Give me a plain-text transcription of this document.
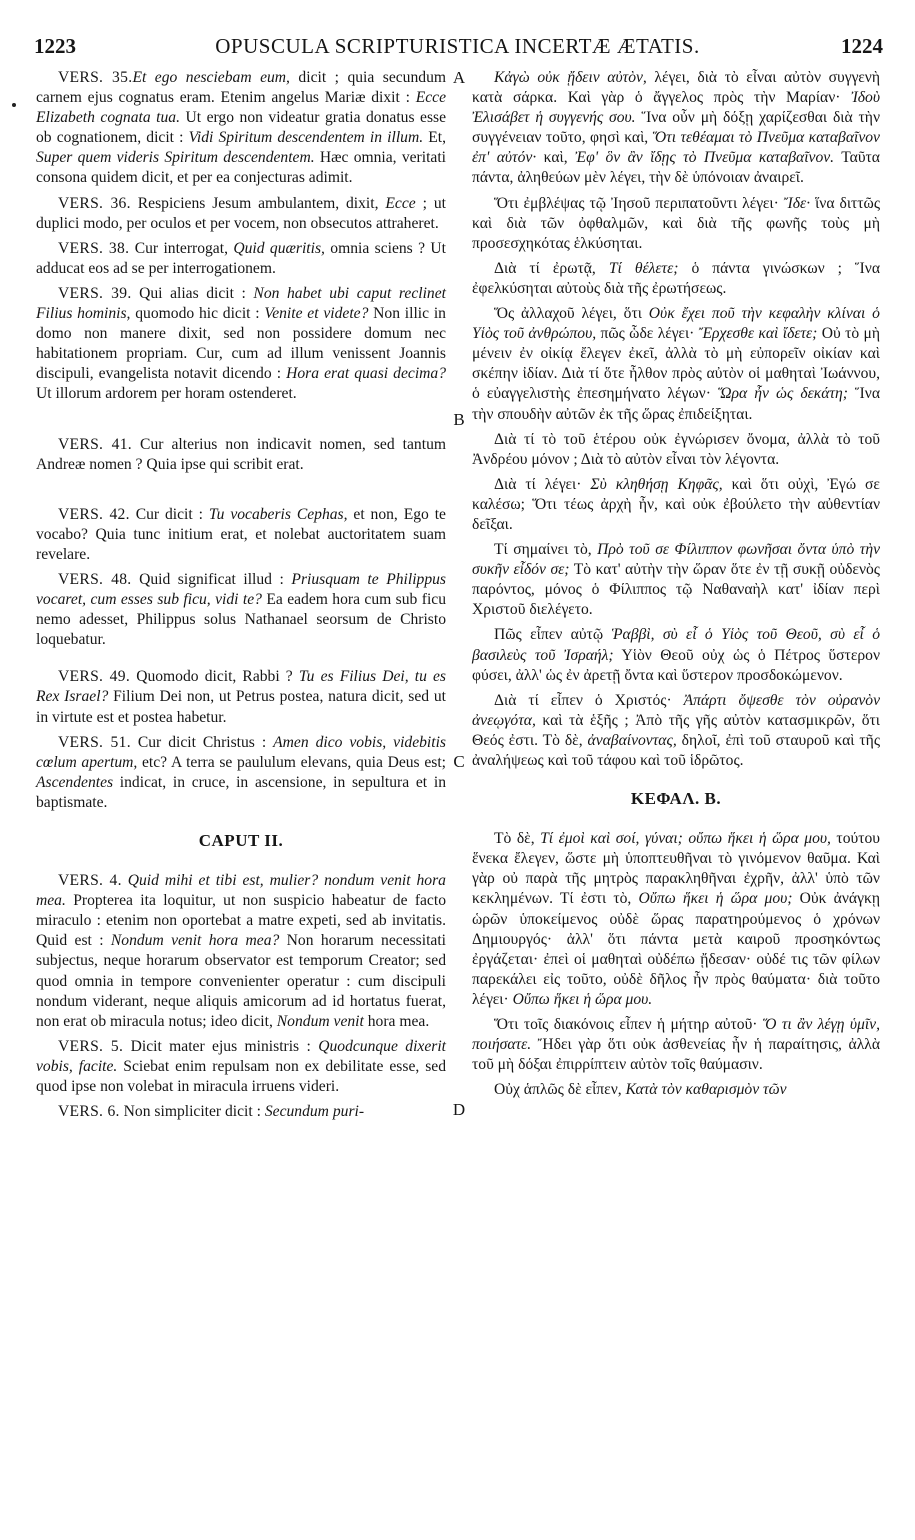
1223	OPUSCULA SCRIPTURISTICA INCERTÆ ÆTATIS.	1224

VERS. 35.Et ego nesciebam eum, dicit ; quia secundum carnem ejus cognatus eram. Etenim angelus Mariæ dixit : Ecce Elizabeth cognata tua. Ut ergo non videatur gratia donatus esse ob cognationem, dicit : Vidi Spiritum descendentem in illum. Et, Super quem videris Spiritum descendentem. Hæc omnia, veritati consona quidem dicit, et per ea conjecturas adimit.

VERS. 36. Respiciens Jesum ambulantem, dixit, Ecce ; ut duplici modo, per oculos et per vocem, non obsecutos attraheret.

VERS. 38. Cur interrogat, Quid quæritis, omnia sciens ? Ut adducat eos ad se per interrogationem.

VERS. 39. Qui alias dicit : Non habet ubi caput reclinet Filius hominis, quomodo hic dicit : Venite et videte? Non illic in domo non manere dixit, sed non possidere domum nec habitationem propriam. Cur, cum ad illum venissent Joannis discipuli, evangelista notavit dicendo : Hora erat quasi decima? Ut illorum ardorem per horam ostenderet.

VERS. 41. Cur alterius non indicavit nomen, sed tantum Andreæ nomen ? Quia ipse qui scribit erat.

VERS. 42. Cur dicit : Tu vocaberis Cephas, et non, Ego te vocabo? Quia tunc initium erat, et nolebat auctoritatem suam revelare.

VERS. 48. Quid significat illud : Priusquam te Philippus vocaret, cum esses sub ficu, vidi te? Ea eadem hora cum sub ficu nemo adesset, Philippus solus Nathanael seorsum de Christo loquebatur.

VERS. 49. Quomodo dicit, Rabbi ? Tu es Filius Dei, tu es Rex Israel? Filium Dei non, ut Petrus postea, natura dicit, sed ut in virtute est et postea habetur.

VERS. 51. Cur dicit Christus : Amen dico vobis, videbitis cœlum apertum, etc? A terra se paululum elevans, quia Deus est; Ascendentes indicat, in cruce, in ascensione, in sepultura et in baptismate.

CAPUT II.

VERS. 4. Quid mihi et tibi est, mulier? nondum venit hora mea. Propterea ita loquitur, ut non suspicio habeatur de facto miraculo : etenim non oportebat a matre expeti, sed ab invitatis. Quid est : Nondum venit hora mea? Non horarum necessitati subjectus, neque horarum observator est temporum Creator; sed quod omnia in tempore convenienter operatur : cum discipuli nondum viderant, neque aliquis amicorum ad id hortatus fuerat, non erat ob miracula notus; ideo dicit, Nondum venit hora mea.

VERS. 5. Dicit mater ejus ministris : Quodcunque dixerit vobis, facite. Sciebat enim repulsam non ex debilitate esse, sed quod ipse non volebat in miracula irruens videri.

VERS. 6. Non simpliciter dicit : Secundum puri-

Κἀγὼ οὐκ ᾔδειν αὐτὸν, λέγει, διὰ τὸ εἶναι αὐτὸν συγγενὴ κατὰ σάρκα. Καὶ γὰρ ὁ ἄγγελος πρὸς τὴν Μαρίαν· Ἰδοὺ Ἐλισάβετ ἡ συγγενής σου. Ἵνα οὖν μὴ δόξῃ χαρίζεσθαι διὰ τὴν συγγένειαν τοῦτο, φησὶ καὶ, Ὅτι τεθέαμαι τὸ Πνεῦμα καταβαῖνον ἐπ' αὐτόν· καὶ, Ἐφ' ὃν ἂν ἴδῃς τὸ Πνεῦμα καταβαῖνον. Ταῦτα πάντα, ἀληθεύων μὲν λέγει, τὴν δὲ ὑπόνοιαν ἀναιρεῖ.

Ὅτι ἐμβλέψας τῷ Ἰησοῦ περιπατοῦντι λέγει· Ἴδε· ἵνα διττῶς καὶ διὰ τῶν ὀφθαλμῶν, καὶ διὰ τῆς φωνῆς τοὺς μὴ προσεσχηκότας ἑλκύσηται.

Διὰ τί ἐρωτᾷ, Τί θέλετε; ὁ πάντα γινώσκων ; Ἵνα ἐφελκύσηται αὐτοὺς διὰ τῆς ἐρωτήσεως.

Ὅς ἀλλαχοῦ λέγει, ὅτι Οὐκ ἔχει ποῦ τὴν κεφαλὴν κλίναι ὁ Υἱὸς τοῦ ἀνθρώπου, πῶς ὧδε λέγει· Ἔρχεσθε καὶ ἴδετε; Οὐ τὸ μὴ μένειν ἐν οἰκίᾳ ἔλεγεν ἐκεῖ, ἀλλὰ τὸ μὴ εὐπορεῖν οἰκίαν καὶ σκέπην ἰδίαν. Διὰ τί ὅτε ἦλθον πρὸς αὐτὸν οἱ μαθηταὶ Ἰωάννου, ὁ εὐαγγελιστὴς ἐπεσημήνατο λέγων· Ὥρα ἦν ὡς δεκάτη; Ἵνα τὴν σπουδὴν αὐτῶν ἐκ τῆς ὥρας ἐπιδείξηται.

Διὰ τί τὸ τοῦ ἑτέρου οὐκ ἐγνώρισεν ὄνομα, ἀλλὰ τὸ τοῦ Ἀνδρέου μόνον ; Διὰ τὸ αὐτὸν εἶναι τὸν λέγοντα.

Διὰ τί λέγει· Σὺ κληθήσῃ Κηφᾶς, καὶ ὅτι οὐχὶ, Ἐγώ σε καλέσω; Ὅτι τέως ἀρχὴ ἦν, καὶ οὐκ ἐβούλετο τὴν αὐθεντίαν δεῖξαι.

Τί σημαίνει τὸ, Πρὸ τοῦ σε Φίλιππον φωνῆσαι ὄντα ὑπὸ τὴν συκῆν εἶδόν σε; Τὸ κατ' αὐτὴν τὴν ὥραν ὅτε ἐν τῇ συκῇ οὐδενὸς παρόντος, μόνος ὁ Φίλιππος τῷ Ναθαναὴλ κατ' ἰδίαν περὶ Χριστοῦ διελέγετο.

Πῶς εἶπεν αὐτῷ Ῥαββὶ, σὺ εἶ ὁ Υἱὸς τοῦ Θεοῦ, σὺ εἶ ὁ βασιλεὺς τοῦ Ἰσραήλ; Υἱὸν Θεοῦ οὐχ ὡς ὁ Πέτρος ὕστερον φύσει, ἀλλ' ὡς ἐν ἀρετῇ ὄντα καὶ ὕστερον προσδοκώμενον.

Διὰ τί εἶπεν ὁ Χριστός· Ἀπάρτι ὄψεσθε τὸν οὐρανὸν ἀνεῳγότα, καὶ τὰ ἑξῆς ; Ἀπὸ τῆς γῆς αὐτὸν κατασμικρῶν, ὅτι Θεός ἐστι. Τὸ δὲ, ἀναβαίνοντας, δηλοῖ, ἐπὶ τοῦ σταυροῦ καὶ τῆς ἀναλήψεως καὶ τοῦ τάφου καὶ τοῦ ἱδρῶτος.

ΚΕΦΑΛ. Β.

Τὸ δὲ, Τί ἐμοὶ καὶ σοί, γύναι; οὔπω ἥκει ἡ ὥρα μου, τούτου ἕνεκα ἔλεγεν, ὥστε μὴ ὑποπτευθῆναι τὸ γινόμενον θαῦμα. Καὶ γὰρ οὐ παρὰ τῆς μητρὸς παρακληθῆναι ἐχρῆν, ἀλλ' ὑπὸ τῶν κεκλημένων. Τί ἐστι τὸ, Οὔπω ἥκει ἡ ὥρα μου; Οὐκ ἀνάγκῃ ὡρῶν ὑποκείμενος οὐδὲ ὥρας παρατηρούμενος ὁ χρόνων Δημιουργός· ἀλλ' ὅτι πάντα μετὰ καιροῦ προσηκόντως ἐργάζεται· ἐπεὶ οἱ μαθηταὶ οὐδέπω ᾔδεσαν· οὐδέ τις τῶν φίλων παρεκάλει εἰς τοῦτο, οὐδὲ δῆλος ἦν πρὸς θαύματα· διὰ τοῦτο λέγει· Οὔπω ἥκει ἡ ὥρα μου.

Ὅτι τοῖς διακόνοις εἶπεν ἡ μήτηρ αὐτοῦ· Ὅ τι ἂν λέγῃ ὑμῖν, ποιήσατε. Ἤδει γὰρ ὅτι οὐκ ἀσθενείας ἦν ἡ παραίτησις, ἀλλὰ τοῦ μὴ δόξαι ἐπιρρίπτειν αὐτὸν τοῖς θαύμασιν.

Οὐχ ἁπλῶς δὲ εἶπεν, Κατὰ τὸν καθαρισμὸν τῶν

A
B
C
D
